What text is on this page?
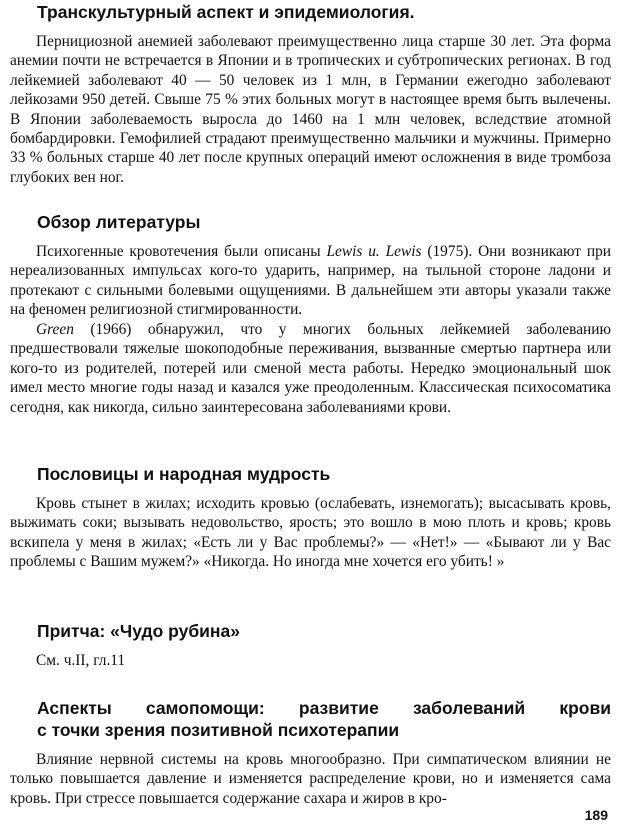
Транскультурный аспект и эпидемиология.

Пернициозной анемией заболевают преимущественно лица старше 30 лет. Эта форма анемии почти не встречается в Японии и в тропических и субтропических регионах. В год лейкемией заболевают 40 — 50 человек из 1 млн, в Германии ежегодно заболевают лейкозами 950 детей. Свыше 75 % этих больных могут в настоящее время быть вылечены. В Японии заболеваемость выросла до 1460 на 1 млн человек, вследствие атомной бомбардировки. Гемофилией страдают преимущественно мальчики и мужчины. Примерно 33 % больных старше 40 лет после крупных операций имеют осложнения в виде тромбоза глубоких вен ног.

Обзор литературы

Психогенные кровотечения были описаны Lewis u. Lewis (1975). Они возникают при нереализованных импульсах кого-то ударить, например, на тыльной стороне ладони и протекают с сильными болевыми ощущениями. В дальнейшем эти авторы указали также на феномен религиозной стигмированности.

Green (1966) обнаружил, что у многих больных лейкемией заболеванию предшествовали тяжелые шокоподобные переживания, вызванные смертью партнера или кого-то из родителей, потерей или сменой места работы. Нередко эмоциональный шок имел место многие годы назад и казался уже преодоленным. Классическая психосоматика сегодня, как никогда, сильно заинтересована заболеваниями крови.

Пословицы и народная мудрость

Кровь стынет в жилах; исходить кровью (ослабевать, изнемогать); высасывать кровь, выжимать соки; вызывать недовольство, ярость; это вошло в мою плоть и кровь; кровь вскипела у меня в жилах; «Есть ли у Вас проблемы?» — «Нет!» — «Бывают ли у Вас проблемы с Вашим мужем?» «Никогда. Но иногда мне хочется его убить! »

Притча: «Чудо рубина»

См. ч.II, гл.11

Аспекты самопомощи: развитие заболеваний крови
с точки зрения позитивной психотерапии

Влияние нервной системы на кровь многообразно. При симпатическом влиянии не только повышается давление и изменяется распределение крови, но и изменяется сама кровь. При стрессе повышается содержание сахара и жиров в кро-

189
